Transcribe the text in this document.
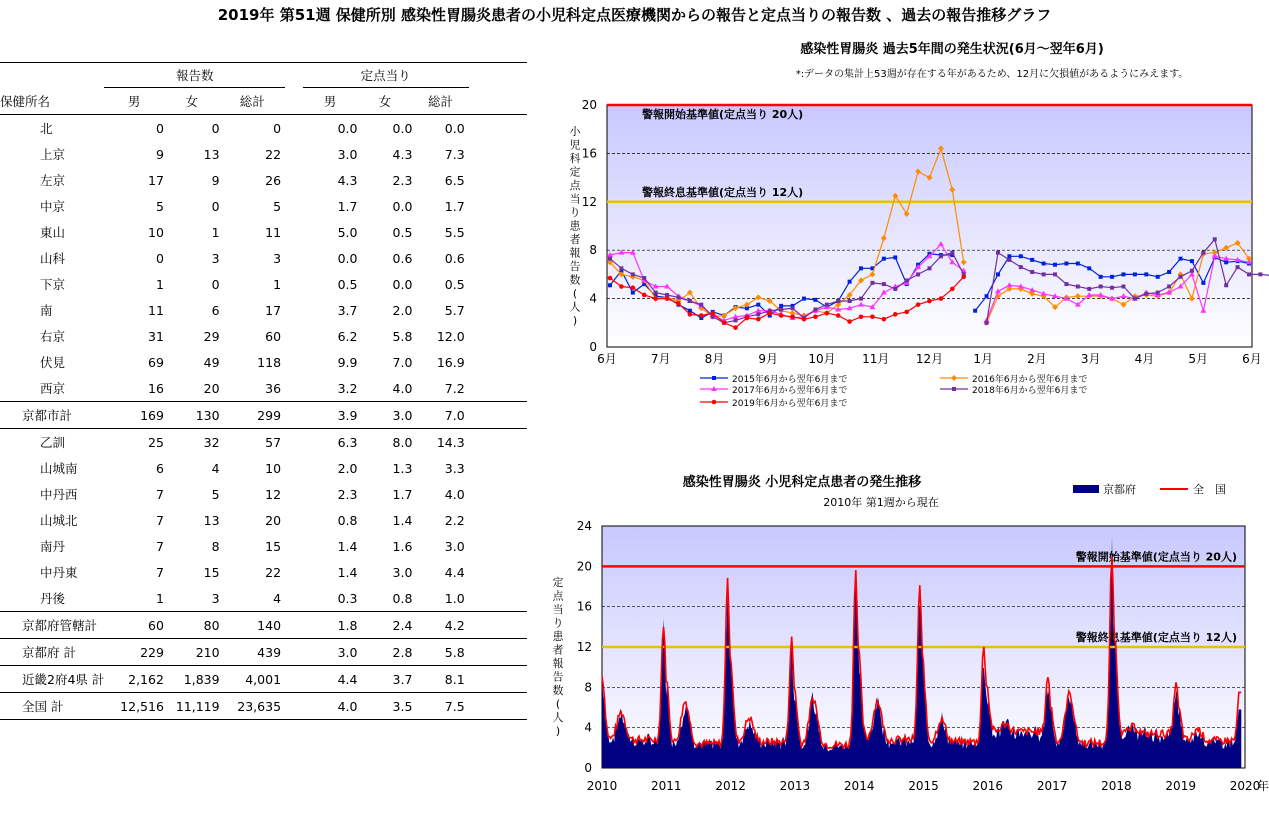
2019年 第51週 保健所別 感染性胃腸炎患者の小児科定点医療機関からの報告と定点当りの報告数 、過去の報告推移グラフ
	報告数				定点当り			
保健所名	男	女	総計		男	女	総計	
北	0	0	0		0.0	0.0	0.0	
上京	9	13	22		3.0	4.3	7.3	
左京	17	9	26		4.3	2.3	6.5	
中京	5	0	5		1.7	0.0	1.7	
東山	10	1	11		5.0	0.5	5.5	
山科	0	3	3		0.0	0.6	0.6	
下京	1	0	1		0.5	0.0	0.5	
南	11	6	17		3.7	2.0	5.7	
右京	31	29	60		6.2	5.8	12.0	
伏見	69	49	118		9.9	7.0	16.9	
西京	16	20	36		3.2	4.0	7.2	
京都市計	169	130	299		3.9	3.0	7.0	
乙訓	25	32	57		6.3	8.0	14.3	
山城南	6	4	10		2.0	1.3	3.3	
中丹西	7	5	12		2.3	1.7	4.0	
山城北	7	13	20		0.8	1.4	2.2	
南丹	7	8	15		1.4	1.6	3.0	
中丹東	7	15	22		1.4	3.0	4.4	
丹後	1	3	4		0.3	0.8	1.0	
京都府管轄計	60	80	140		1.8	2.4	4.2	
京都府 計	229	210	439		3.0	2.8	5.8	
近畿2府4県 計	2,162	1,839	4,001		4.4	3.7	8.1	
全国 計	12,516	11,119	23,635		4.0	3.5	7.5	
感染性胃腸炎 過去5年間の発生状況(6月～翌年6月)
*:データの集計上53週が存在する年があるため、12月に欠損値があるようにみえます。
0
4
8
12
16
20
警報開始基準値(定点当り 20人)
警報終息基準値(定点当り 12人)
6月	7月	8月	9月	10月 11月 12月	1月	2月	3月	4月	5月	6月
小児科定点当り患者報告数(人)
2015年6月から翌年6月まで	2016年6月から翌年6月まで
2017年6月から翌年6月まで	2018年6月から翌年6月まで
2019年6月から翌年6月まで
感染性胃腸炎 小児科定点患者の発生推移
2010年 第1週から現在
京都府	全　国
0
4
8
12
16
20
24
定点当り患者報告数(人)
2010	2011	2012	2013	2014	2015	2016	2017	2018	2019	2020
年
警報開始基準値(定点当り 20人)
警報終息基準値(定点当り 12人)
